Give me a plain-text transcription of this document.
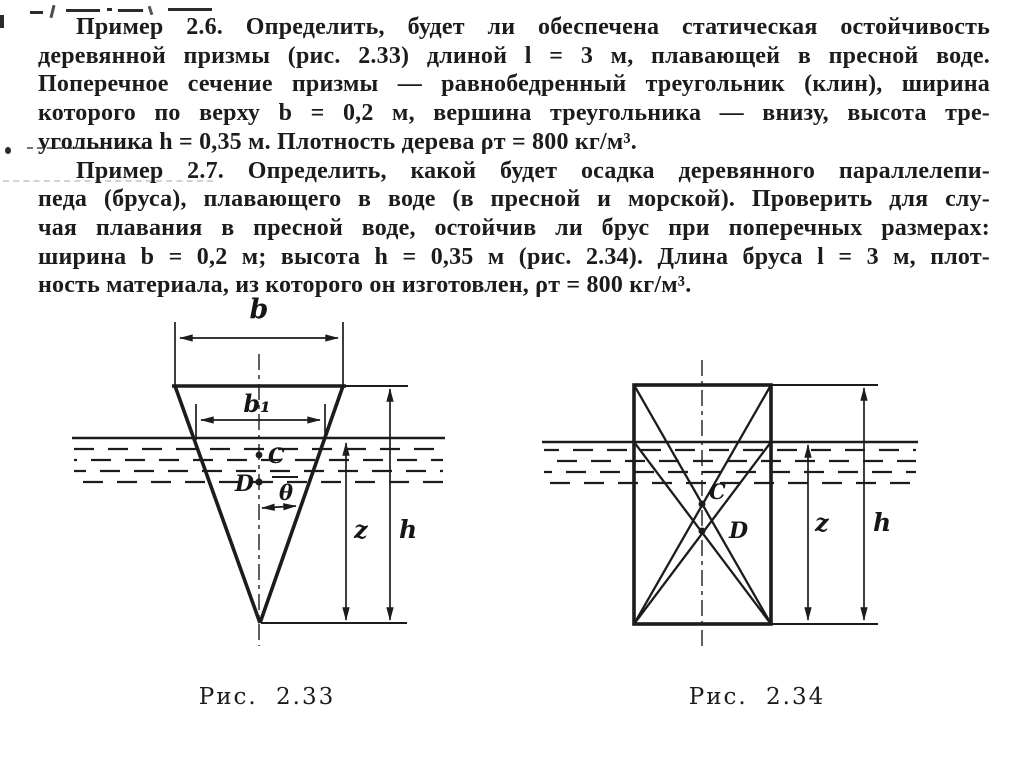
Пример 2.6. Определить, будет ли обеспечена статическая остойчивость
деревянной призмы (рис. 2.33) длиной l = 3 м, плавающей в пресной воде.
Поперечное сечение призмы — равнобедренный треугольник (клин), ширина
которого по верху b = 0,2 м, вершина треугольника — внизу, высота тре-
угольника h = 0,35 м. Плотность дерева ρт = 800 кг/м³.
Пример 2.7. Определить, какой будет осадка деревянного параллелепи-
педа (бруса), плавающего в воде (в пресной и морской). Проверить для слу-
чая плавания в пресной воде, остойчив ли брус при поперечных размерах:
ширина b = 0,2 м; высота h = 0,35 м (рис. 2.34). Длина бруса l = 3 м, плот-
ность материала, из которого он изготовлен, ρт = 800 кг/м³.
b
b₁
C
D θ
z h
Рис. 2.33
C
D	z h
Рис. 2.34
